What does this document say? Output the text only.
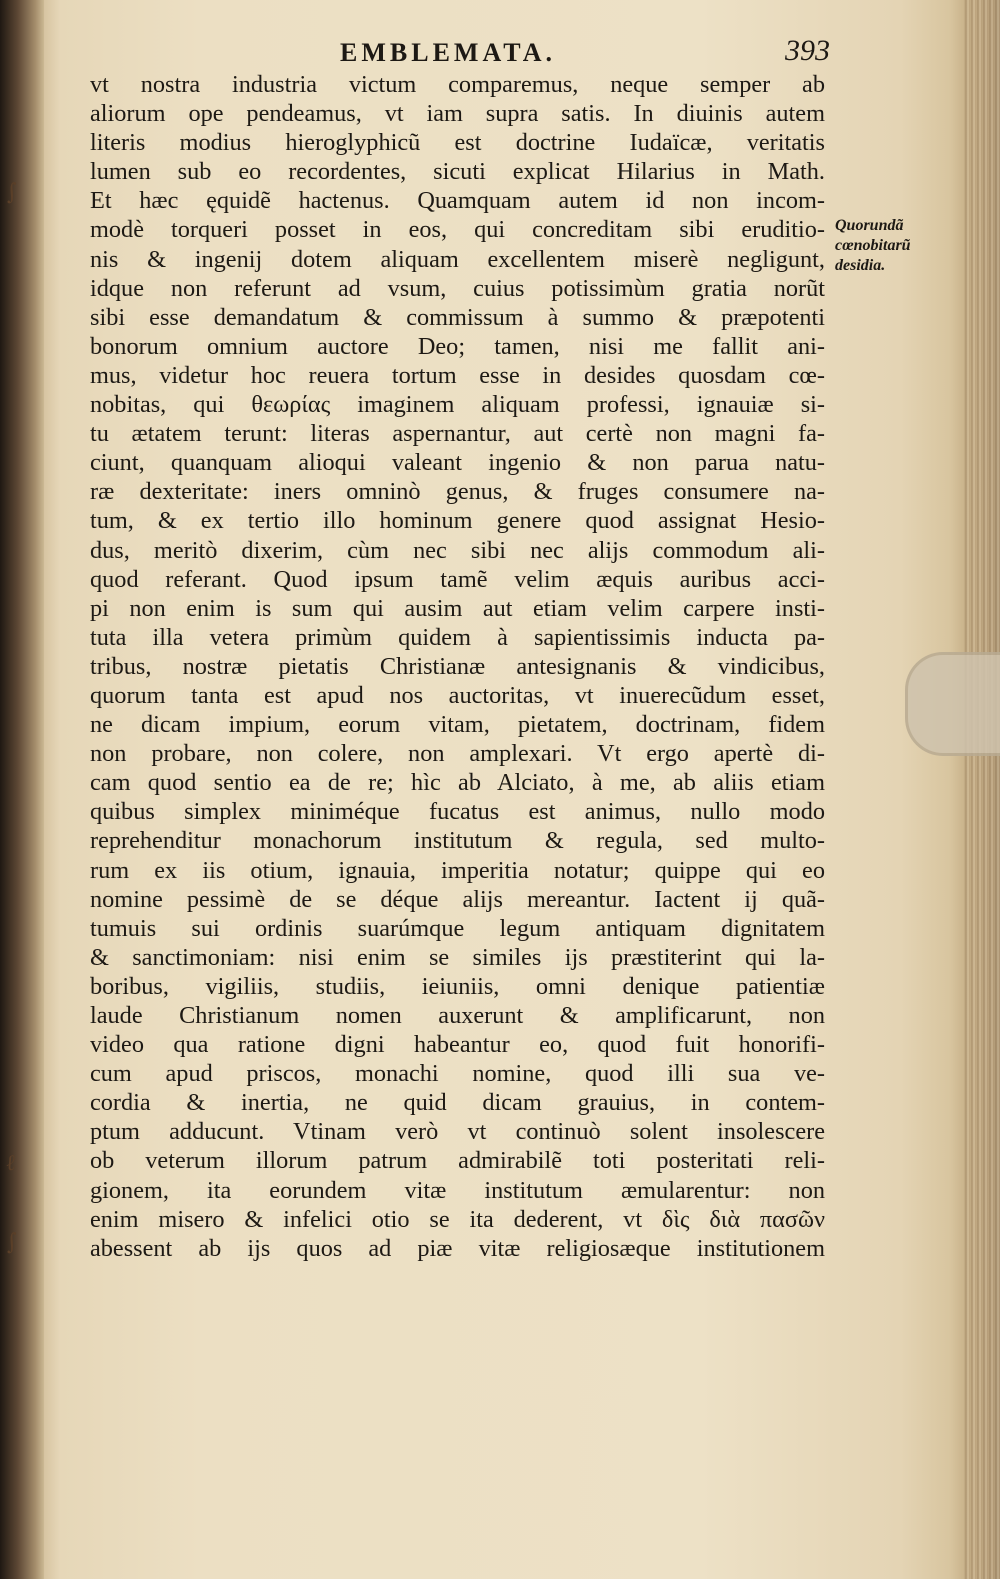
∫
ℓ
∫
EMBLEMATA.	393
vt nostra industria victum comparemus, neque semper ab
aliorum ope pendeamus, vt iam supra satis. In diuinis autem
literis modius hieroglyphicũ est doctrine Iudaïcæ, veritatis
lumen sub eo recordentes, sicuti explicat Hilarius in Math.
Et hæc ęquidẽ hactenus. Quamquam autem id non incom-
modè torqueri posset in eos, qui concreditam sibi eruditio-
nis & ingenij dotem aliquam excellentem miserè negligunt,
idque non referunt ad vsum, cuius potissimùm gratia norũt
sibi esse demandatum & commissum à summo & præpotenti
bonorum omnium auctore Deo; tamen, nisi me fallit ani-
mus, videtur hoc reuera tortum esse in desides quosdam cœ-
nobitas, qui θεωρίας imaginem aliquam professi, ignauiæ si-
tu ætatem terunt: literas aspernantur, aut certè non magni fa-
ciunt, quanquam alioqui valeant ingenio & non parua natu-
ræ dexteritate: iners omninò genus, & fruges consumere na-
tum, & ex tertio illo hominum genere quod assignat Hesio-
dus, meritò dixerim, cùm nec sibi nec alijs commodum ali-
quod referant. Quod ipsum tamẽ velim æquis auribus acci-
pi non enim is sum qui ausim aut etiam velim carpere insti-
tuta illa vetera primùm quidem à sapientissimis inducta pa-
tribus, nostræ pietatis Christianæ antesignanis & vindicibus,
quorum tanta est apud nos auctoritas, vt inuerecũdum esset,
ne dicam impium, eorum vitam, pietatem, doctrinam, fidem
non probare, non colere, non amplexari. Vt ergo apertè di-
cam quod sentio ea de re; hìc ab Alciato, à me, ab aliis etiam
quibus simplex miniméque fucatus est animus, nullo modo
reprehenditur monachorum institutum & regula, sed multo-
rum ex iis otium, ignauia, imperitia notatur; quippe qui eo
nomine pessimè de se déque alijs mereantur. Iactent ij quã-
tumuis sui ordinis suarúmque legum antiquam dignitatem
& sanctimoniam: nisi enim se similes ijs præstiterint qui la-
boribus, vigiliis, studiis, ieiuniis, omni denique patientiæ
laude Christianum nomen auxerunt & amplificarunt, non
video qua ratione digni habeantur eo, quod fuit honorifi-
cum apud priscos, monachi nomine, quod illi sua ve-
cordia & inertia, ne quid dicam grauius, in contem-
ptum adducunt. Vtinam verò vt continuò solent insolescere
ob veterum illorum patrum admirabilẽ toti posteritati reli-
gionem, ita eorundem vitæ institutum æmularentur: non
enim misero & infelici otio se ita dederent, vt δὶς διὰ πασῶν
abessent ab ijs quos ad piæ vitæ religiosæque institutionem
Quorundã
cœnobitarũ
desidia.
